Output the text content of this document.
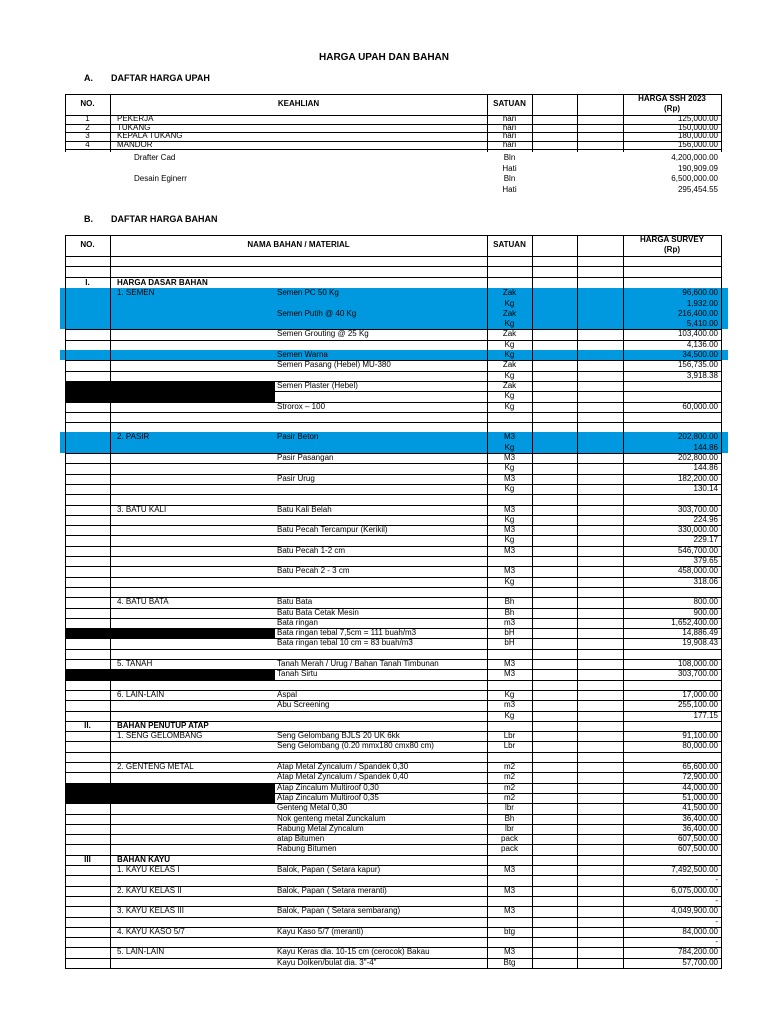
HARGA UPAH DAN BAHAN
A. DAFTAR HARGA UPAH
NO.	KEAHLIAN	SATUAN
HARGA SSH 2023
(Rp)
1	PEKERJA	hari	125,000.00
2	TUKANG	hari	150,000.00
3	KEPALA TUKANG	hari	180,000.00
4	MANDOR	hari	156,000.00
Drafter Cad	Bln	4,200,000.00
Hati	190,909.09
Desain Eginerr	Bln	6,500,000.00
Hati	295,454.55
B. DAFTAR HARGA BAHAN
NO.	NAMA BAHAN / MATERIAL	SATUAN
HARGA SURVEY
(Rp)
I.	HARGA DASAR BAHAN
1. SEMEN	Semen PC 50 Kg	Zak	96,600.00
Kg	1,932.00
Semen Putih @ 40 Kg	Zak	216,400.00
Kg	5,410.00
Semen Grouting @ 25 Kg	Zak	103,400.00
Kg	4,136.00
Semen Warna	Kg	34,500.00
Semen Pasang (Hebel) MU-380	Zak	156,735.00
Kg	3,918.38
Semen Plaster (Hebel)	Zak
Kg
Strorox – 100	Kg	60,000.00
2. PASIR	Pasir Beton	M3	202,800.00
Kg	144.86
Pasir Pasangan	M3	202,800.00
Kg	144.86
Pasir Urug	M3	182,200.00
Kg	130.14
3. BATU KALI	Batu Kali Belah	M3	303,700.00
Kg	224.96
Batu Pecah Tercampur (Kerikil)	M3	330,000.00
Kg	229.17
Batu Pecah 1-2 cm	M3	546,700.00
379.65
Batu Pecah 2 - 3 cm	M3	458,000.00
Kg	318.06
4. BATU BATA	Batu Bata	Bh	800.00
Batu Bata Cetak Mesin	Bh	900.00
Bata ringan	m3	1,652,400.00
Bata ringan tebal 7,5cm = 111 buah/m3	bH	14,886.49
Bata ringan tebal 10 cm = 83 buah/m3	bH	19,908.43
5. TANAH	Tanah Merah / Urug / Bahan Tanah Timbunan	M3	108,000.00
Tanah Sirtu	M3	303,700.00
6. LAIN-LAIN	Aspal	Kg	17,000.00
Abu Screening	m3	255,100.00
Kg	177.15
II.	BAHAN PENUTUP ATAP
1. SENG GELOMBANG	Seng Gelombang BJLS 20 UK 6kk	Lbr	91,100.00
Seng Gelombang (0.20 mmx180 cmx80 cm)	Lbr	80,000.00
2. GENTENG METAL	Atap Metal Zyncalum / Spandek 0,30	m2	65,600.00
Atap Metal Zyncalum / Spandek 0,40	m2	72,900.00
Atap Zincalum Multiroof 0,30	m2	44,000.00
Atap Zincalum Multiroof 0,35	m2	51,000.00
Genteng Metal 0,30	lbr	41,500.00
Nok genteng metal Zunckalum	Bh	36,400.00
Rabung Metal Zyncalum	lbr	36,400.00
atap Bitumen	pack	607,500.00
Rabung Bitumen	pack	607,500.00
III	BAHAN KAYU
1. KAYU KELAS I	Balok, Papan ( Setara kapur)	M3	7,492,500.00
-
2. KAYU KELAS II	Balok, Papan ( Setara meranti)	M3	6,075,000.00
-
3. KAYU KELAS III	Balok, Papan ( Setara sembarang)	M3	4,049,900.00
-
4. KAYU KASO 5/7	Kayu Kaso 5/7 (meranti)	btg	84,000.00
-
5. LAIN-LAIN	Kayu Keras dia. 10-15 cm (cerocok) Bakau	M3	784,200.00
Kayu Dolken/bulat dia. 3"-4"	Btg	57,700.00
